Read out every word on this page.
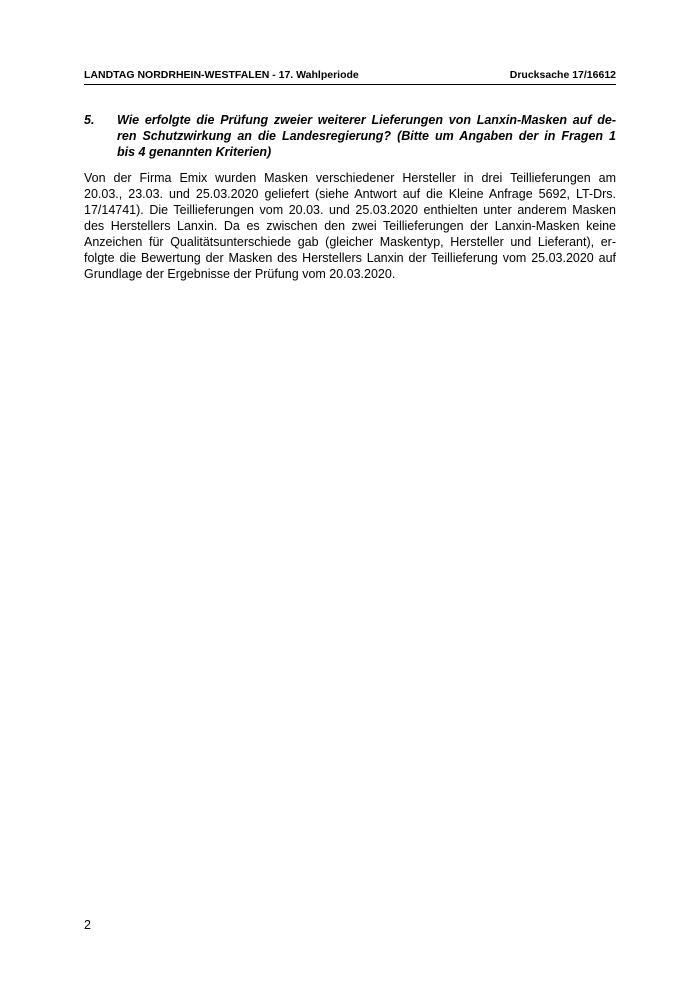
LANDTAG NORDRHEIN-WESTFALEN - 17. Wahlperiode	Drucksache 17/16612
5. Wie erfolgte die Prüfung zweier weiterer Lieferungen von Lanxin-Masken auf de-
ren Schutzwirkung an die Landesregierung? (Bitte um Angaben der in Fragen 1
bis 4 genannten Kriterien)
Von der Firma Emix wurden Masken verschiedener Hersteller in drei Teillieferungen am
20.03., 23.03. und 25.03.2020 geliefert (siehe Antwort auf die Kleine Anfrage 5692, LT-Drs.
17/14741). Die Teillieferungen vom 20.03. und 25.03.2020 enthielten unter anderem Masken
des Herstellers Lanxin. Da es zwischen den zwei Teillieferungen der Lanxin-Masken keine
Anzeichen für Qualitätsunterschiede gab (gleicher Maskentyp, Hersteller und Lieferant), er-
folgte die Bewertung der Masken des Herstellers Lanxin der Teillieferung vom 25.03.2020 auf
Grundlage der Ergebnisse der Prüfung vom 20.03.2020.
2
